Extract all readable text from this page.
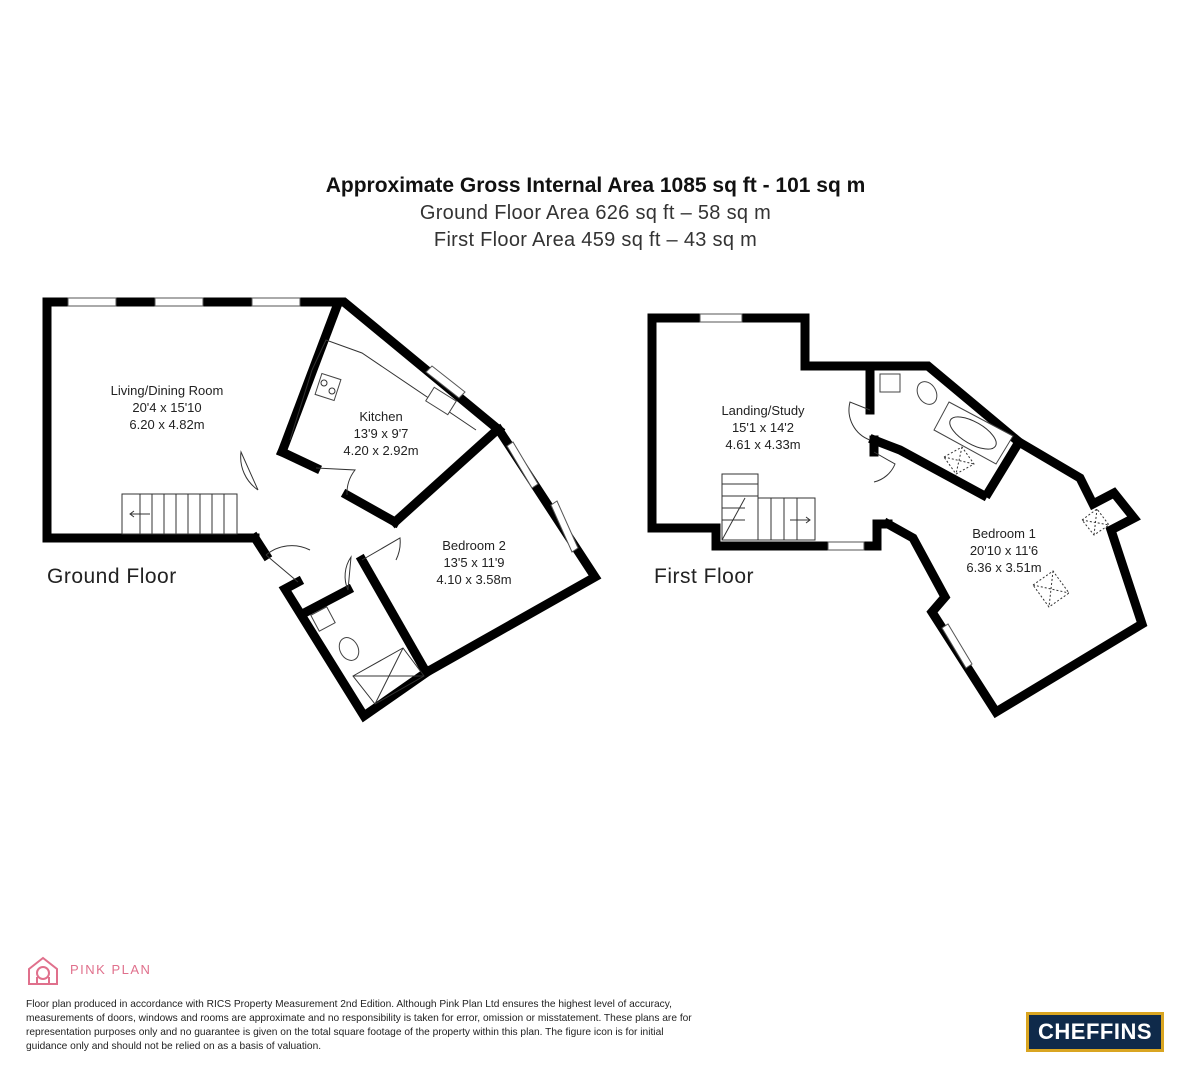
Approximate Gross Internal Area 1085 sq ft - 101 sq m
Ground Floor Area 626 sq ft – 58 sq m
First Floor Area 459 sq ft – 43 sq m
Living/Dining Room
20'4 x 15'10
6.20 x 4.82m
Kitchen
13'9 x 9'7
4.20 x 2.92m
Bedroom 2
13'5 x 11'9
4.10 x 3.58m
Landing/Study
15'1 x 14'2
4.61 x 4.33m
Bedroom 1
20'10 x 11'6
6.36 x 3.51m
Ground Floor	First Floor
PINK PLAN
Floor plan produced in accordance with RICS Property Measurement 2nd Edition. Although Pink Plan Ltd ensures the highest level of accuracy, measurements of doors, windows and rooms are approximate and no responsibility is taken for error, omission or misstatement. These plans are for representation purposes only and no guarantee is given on the total square footage of the property within this plan. The figure icon is for initial guidance only and should not be relied on as a basis of valuation.
CHEFFINS
